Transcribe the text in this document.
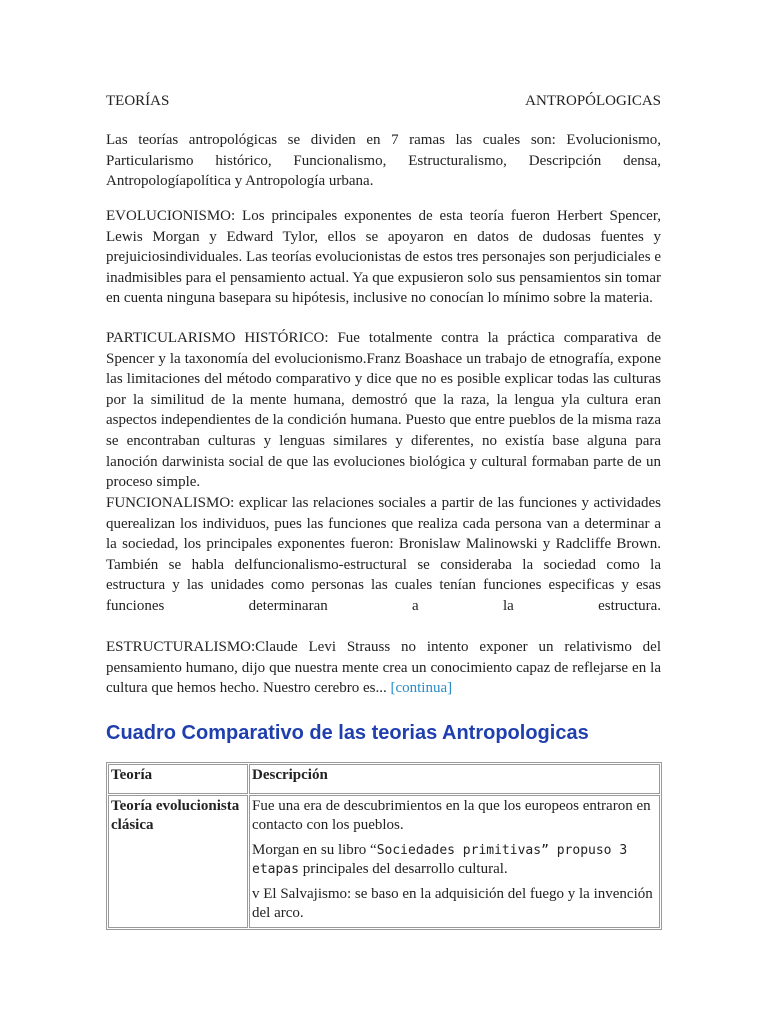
TEORÍAS	ANTROPÓLOGICAS

Las teorías antropológicas se dividen en 7 ramas las cuales son: Evolucionismo, Particularismo histórico, Funcionalismo, Estructuralismo, Descripción densa, Antropologíapolítica y Antropología urbana.

EVOLUCIONISMO: Los principales exponentes de esta teoría fueron Herbert Spencer, Lewis Morgan y Edward Tylor, ellos se apoyaron en datos de dudosas fuentes y prejuiciosindividuales. Las teorías evolucionistas de estos tres personajes son perjudiciales e inadmisibles para el pensamiento actual. Ya que expusieron solo sus pensamientos sin tomar en cuenta ninguna basepara su hipótesis, inclusive no conocían lo mínimo sobre la materia.

PARTICULARISMO HISTÓRICO: Fue totalmente contra la práctica comparativa de Spencer y la taxonomía del evolucionismo.Franz Boashace un trabajo de etnografía, expone las limitaciones del método comparativo y dice que no es posible explicar todas las culturas por la similitud de la mente humana, demostró que la raza, la lengua yla cultura eran aspectos independientes de la condición humana. Puesto que entre pueblos de la misma raza se encontraban culturas y lenguas similares y diferentes, no existía base alguna para lanoción darwinista social de que las evoluciones biológica y cultural formaban parte de un proceso simple.

FUNCIONALISMO: explicar las relaciones sociales a partir de las funciones y actividades querealizan los individuos, pues las funciones que realiza cada persona van a determinar a la sociedad, los principales exponentes fueron: Bronislaw Malinowski y Radcliffe Brown. También se habla delfuncionalismo-estructural se consideraba la sociedad como la estructura y las unidades como personas las cuales tenían funciones especificas y esas funciones determinaran a la estructura.

ESTRUCTURALISMO:Claude Levi Strauss no intento exponer un relativismo del pensamiento humano, dijo que nuestra mente crea un conocimiento capaz de reflejarse en la cultura que hemos hecho. Nuestro cerebro es... [continua]

Cuadro Comparativo de las teorias Antropologicas
Teoría	Descripción
Teoría evolucionista clásica	Fue una era de descubrimientos en la que los europeos entraron en contacto con los pueblos.

Morgan en su libro “Sociedades primitivas” propuso 3 etapas principales del desarrollo cultural.

v El Salvajismo: se baso en la adquisición del fuego y la invención del arco.
